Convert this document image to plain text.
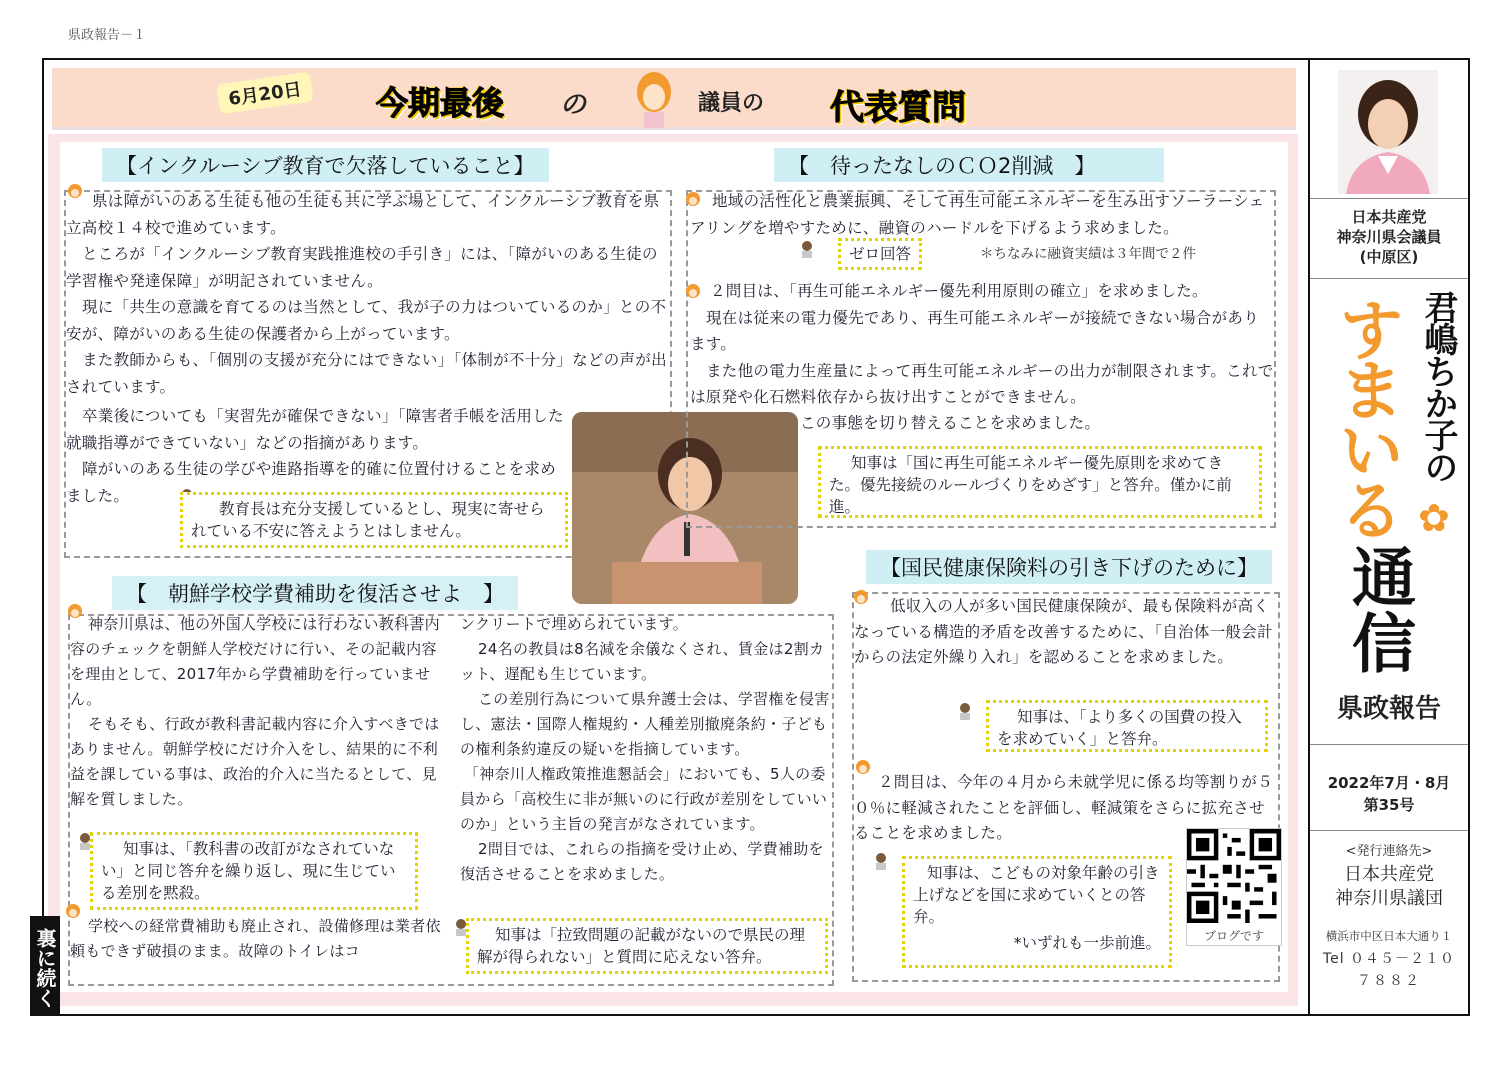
県政報告－１
6月20日	今期最後 の	議員の 代表質問
【インクルーシブ教育で欠落していること】

県は障がいのある生徒も他の生徒も共に学ぶ場として、インクルーシブ教育を県立高校１４校で進めています。

ところが「インクルーシブ教育実践推進校の手引き」には、「障がいのある生徒の学習権や発達保障」が明記されていません。

現に「共生の意識を育てるのは当然として、我が子の力はついているのか」との不安が、障がいのある生徒の保護者から上がっています。

また教師からも、「個別の支援が充分にはできない」「体制が不十分」などの声が出されています。

卒業後についても「実習先が確保できない」「障害者手帳を活用した就職指導ができていない」などの指摘があります。

障がいのある生徒の学びや進路指導を的確に位置付けることを求めました。

教育長は充分支援しているとし、現実に寄せられている不安に答えようとはしません。
【　待ったなしのＣＯ2削減　】
地域の活性化と農業振興、そして再生可能エネルギーを生み出すソーラーシェアリングを増やすために、融資のハードルを下げるよう求めました。
ゼロ回答	＊ちなみに融資実績は３年間で２件

２問目は、「再生可能エネルギー優先利用原則の確立」を求めました。

現在は従来の電力優先であり、再生可能エネルギーが接続できない場合があります。

また他の電力生産量によって再生可能エネルギーの出力が制限されます。これでは原発や化石燃料依存から抜け出すことができません。

この事態を切り替えることを求めました。
知事は「国に再生可能エネルギー優先原則を求めてきた。優先接続のルールづくりをめざす」と答弁。僅かに前進。
【　朝鮮学校学費補助を復活させよ　】

神奈川県は、他の外国人学校には行わない教科書内容のチェックを朝鮮人学校だけに行い、その記載内容を理由として、2017年から学費補助を行っていません。

そもそも、行政が教科書記載内容に介入すべきではありません。朝鮮学校にだけ介入をし、結果的に不利益を課している事は、政治的介入に当たるとして、見解を質しました。

知事は、「教科書の改訂がなされていない」と同じ答弁を繰り返し、現に生じている差別を黙殺。
学校への経常費補助も廃止され、設備修理は業者依頼もできず破損のまま。故障のトイレはコ

ンクリートで埋められています。

24名の教員は8名減を余儀なくされ、賃金は2割カット、遅配も生じています。

この差別行為について県弁護士会は、学習権を侵害し、憲法・国際人権規約・人種差別撤廃条約・子どもの権利条約違反の疑いを指摘しています。

「神奈川人権政策推進懇話会」においても、5人の委員から「高校生に非が無いのに行政が差別をしていいのか」という主旨の発言がなされています。

2問目では、これらの指摘を受け止め、学費補助を復活させることを求めました。

知事は「拉致問題の記載がないので県民の理解が得られない」と質問に応えない答弁。
【国民健康保険料の引き下げのために】
低収入の人が多い国民健康保険が、最も保険料が高くなっている構造的矛盾を改善するために、「自治体一般会計からの法定外繰り入れ」を認めることを求めました。
知事は、「より多くの国費の投入を求めていく」と答弁。
２問目は、今年の４月から未就学児に係る均等割りが５０％に軽減されたことを評価し、軽減策をさらに拡充させることを求めました。
知事は、こどもの対象年齢の引き上げなどを国に求めていくとの答弁。
*いずれも一歩前進。	ブログです
裏に続く
日本共産党
神奈川県会議員
(中原区)
君嶋ちか子の
すまいる ✿
通信
県政報告
2022年7月・8月
第35号
<発行連絡先>
日本共産党
神奈川県議団
横浜市中区日本大通り１
Tel ０４５－２１０
７８８２
